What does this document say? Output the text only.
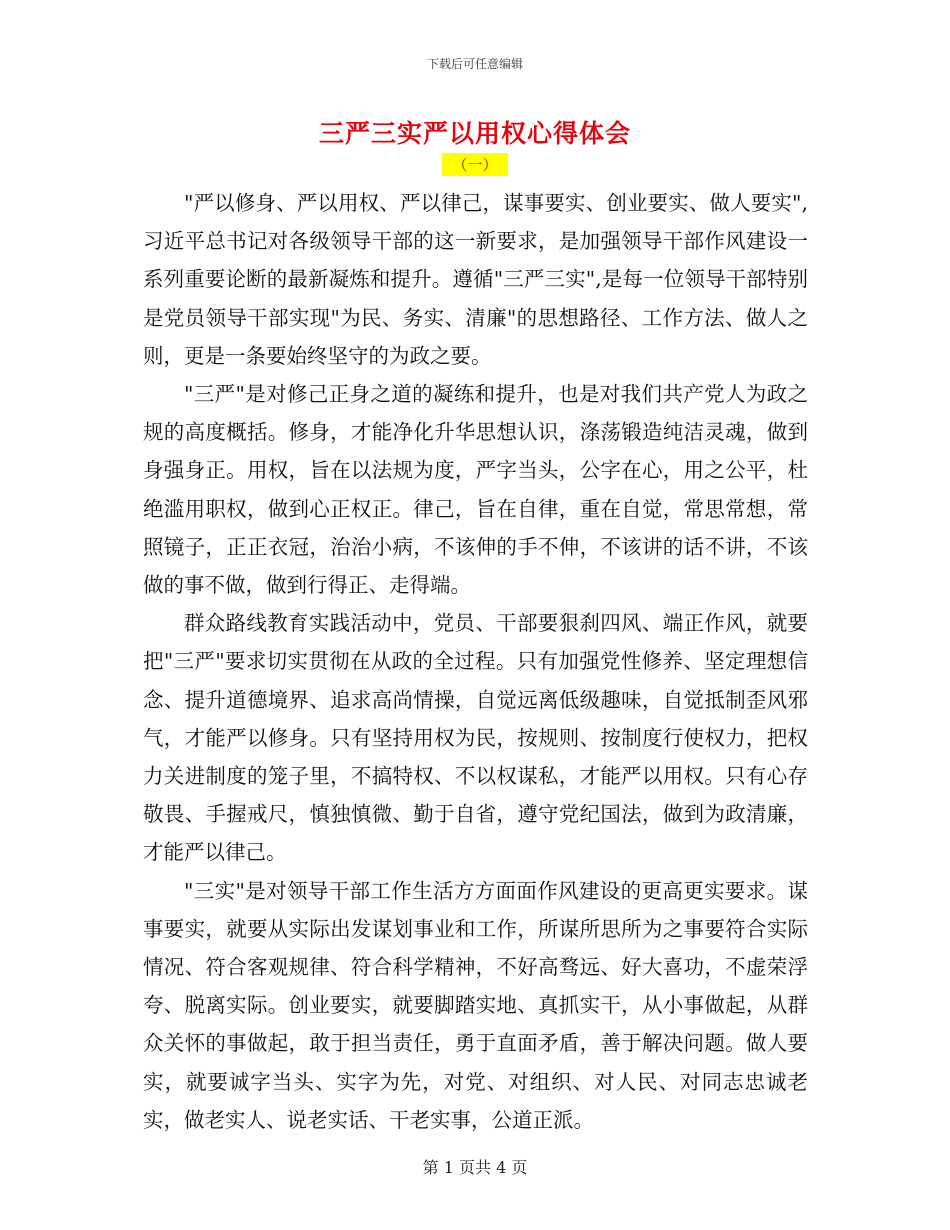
下载后可任意编辑
三严三实严以用权心得体会
（一）

"严以修身、严以用权、严以律己，谋事要实、创业要实、做人要实",习近平总书记对各级领导干部的这一新要求，是加强领导干部作风建设一系列重要论断的最新凝炼和提升。遵循"三严三实",是每一位领导干部特别是党员领导干部实现"为民、务实、清廉"的思想路径、工作方法、做人之则，更是一条要始终坚守的为政之要。

"三严"是对修己正身之道的凝练和提升，也是对我们共产党人为政之规的高度概括。修身，才能净化升华思想认识，涤荡锻造纯洁灵魂，做到身强身正。用权，旨在以法规为度，严字当头，公字在心，用之公平，杜绝滥用职权，做到心正权正。律己，旨在自律，重在自觉，常思常想，常照镜子，正正衣冠，治治小病，不该伸的手不伸，不该讲的话不讲，不该做的事不做，做到行得正、走得端。

群众路线教育实践活动中，党员、干部要狠刹四风、端正作风，就要把"三严"要求切实贯彻在从政的全过程。只有加强党性修养、坚定理想信念、提升道德境界、追求高尚情操，自觉远离低级趣味，自觉抵制歪风邪气，才能严以修身。只有坚持用权为民，按规则、按制度行使权力，把权力关进制度的笼子里，不搞特权、不以权谋私，才能严以用权。只有心存敬畏、手握戒尺，慎独慎微、勤于自省，遵守党纪国法，做到为政清廉，才能严以律己。

"三实"是对领导干部工作生活方方面面作风建设的更高更实要求。谋事要实，就要从实际出发谋划事业和工作，所谋所思所为之事要符合实际情况、符合客观规律、符合科学精神，不好高骛远、好大喜功，不虚荣浮夸、脱离实际。创业要实，就要脚踏实地、真抓实干，从小事做起，从群众关怀的事做起，敢于担当责任，勇于直面矛盾，善于解决问题。做人要实，就要诚字当头、实字为先，对党、对组织、对人民、对同志忠诚老实，做老实人、说老实话、干老实事，公道正派。

第 1 页共 4 页
